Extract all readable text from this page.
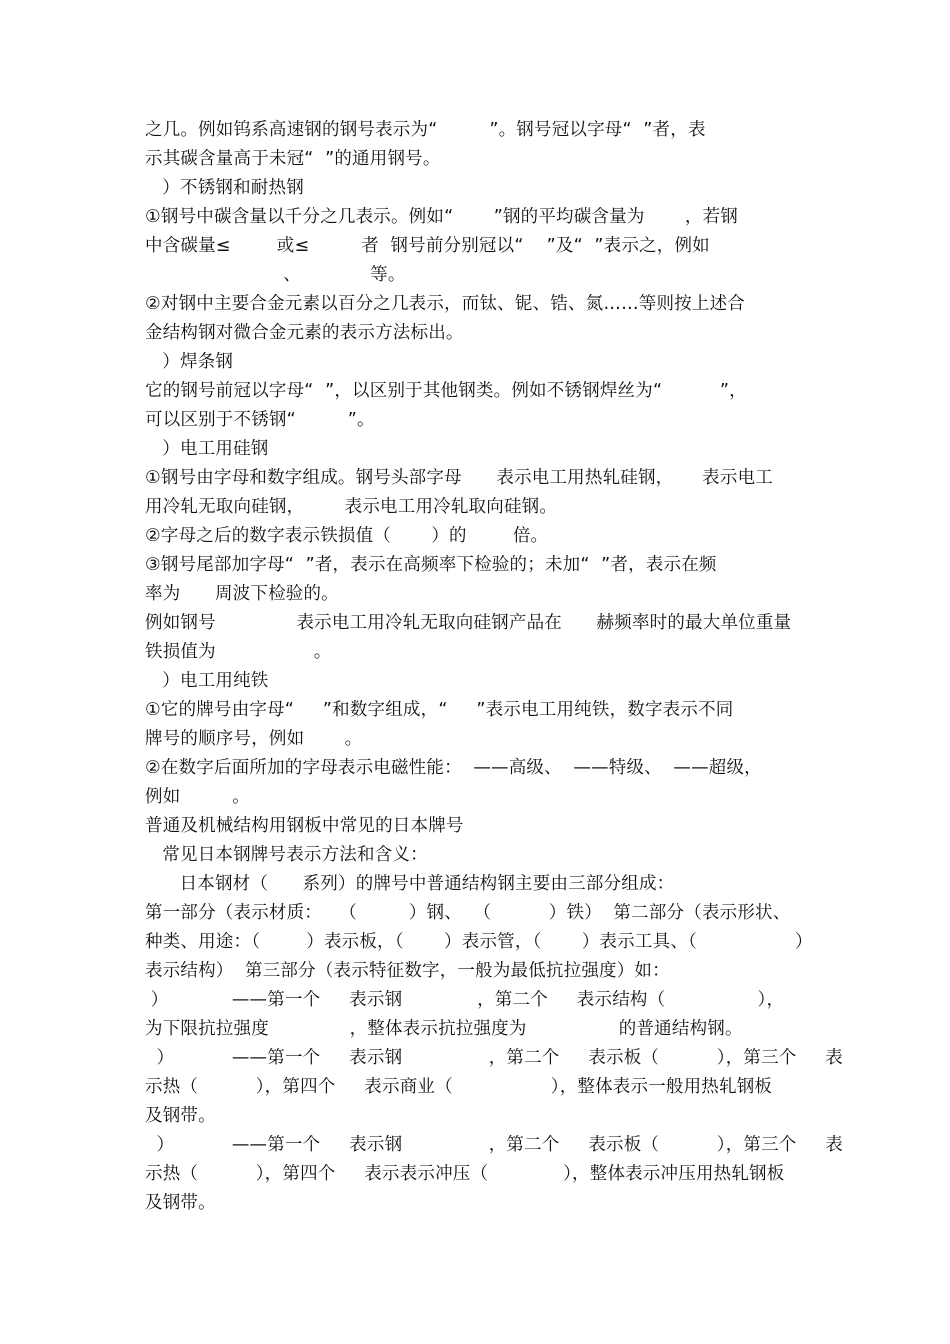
之几。例如钨系高速钢的钢号表示为“         ”。钢号冠以字母“  ”者，表
示其碳含量高于未冠“  ”的通用钢号。
）不锈钢和耐热钢
①钢号中碳含量以千分之几表示。例如“       ”钢的平均碳含量为       ，若钢
中含碳量≤        或≤         者  钢号前分别冠以“    ”及“  ”表示之，例如
、            等。
②对钢中主要合金元素以百分之几表示，而钛、铌、锆、氮……等则按上述合
金结构钢对微合金元素的表示方法标出。
）焊条钢
它的钢号前冠以字母“  ”，以区别于其他钢类。例如不锈钢焊丝为“          ”，
可以区别于不锈钢“         ”。
）电工用硅钢
①钢号由字母和数字组成。钢号头部字母      表示电工用热轧硅钢，     表示电工
用冷轧无取向硅钢，       表示电工用冷轧取向硅钢。
②字母之后的数字表示铁损值（       ）的        倍。
③钢号尾部加字母“  ”者，表示在高频率下检验的；未加“  ”者，表示在频
率为      周波下检验的。
例如钢号              表示电工用冷轧无取向硅钢产品在      赫频率时的最大单位重量
铁损值为                 。
）电工用纯铁
①它的牌号由字母“     ”和数字组成，“     ”表示电工用纯铁，数字表示不同
牌号的顺序号，例如       。
②在数字后面所加的字母表示电磁性能：  ——高级、  ——特级、  ——超级，
例如         。
普通及机械结构用钢板中常见的日本牌号
常见日本钢牌号表示方法和含义：
日本钢材（      系列）的牌号中普通结构钢主要由三部分组成：
第一部分（表示材质：   （         ）钢、  （          ）铁）  第二部分（表示形状、
种类、用途：（        ）表示板，（       ）表示管，（       ）表示工具、（                 ）
表示结构）  第三部分（表示特征数字，一般为最低抗拉强度）如：
）           ——第一个     表示钢             ，第二个     表示结构（                ），
为下限抗拉强度              ，整体表示抗拉强度为                的普通结构钢。
）          ——第一个     表示钢               ，第二个     表示板（          ），第三个     表
示热（          ），第四个     表示商业（                 ），整体表示一般用热轧钢板
及钢带。
）          ——第一个     表示钢               ，第二个     表示板（          ），第三个     表
示热（          ），第四个     表示表示冲压（             ），整体表示冲压用热轧钢板
及钢带。
